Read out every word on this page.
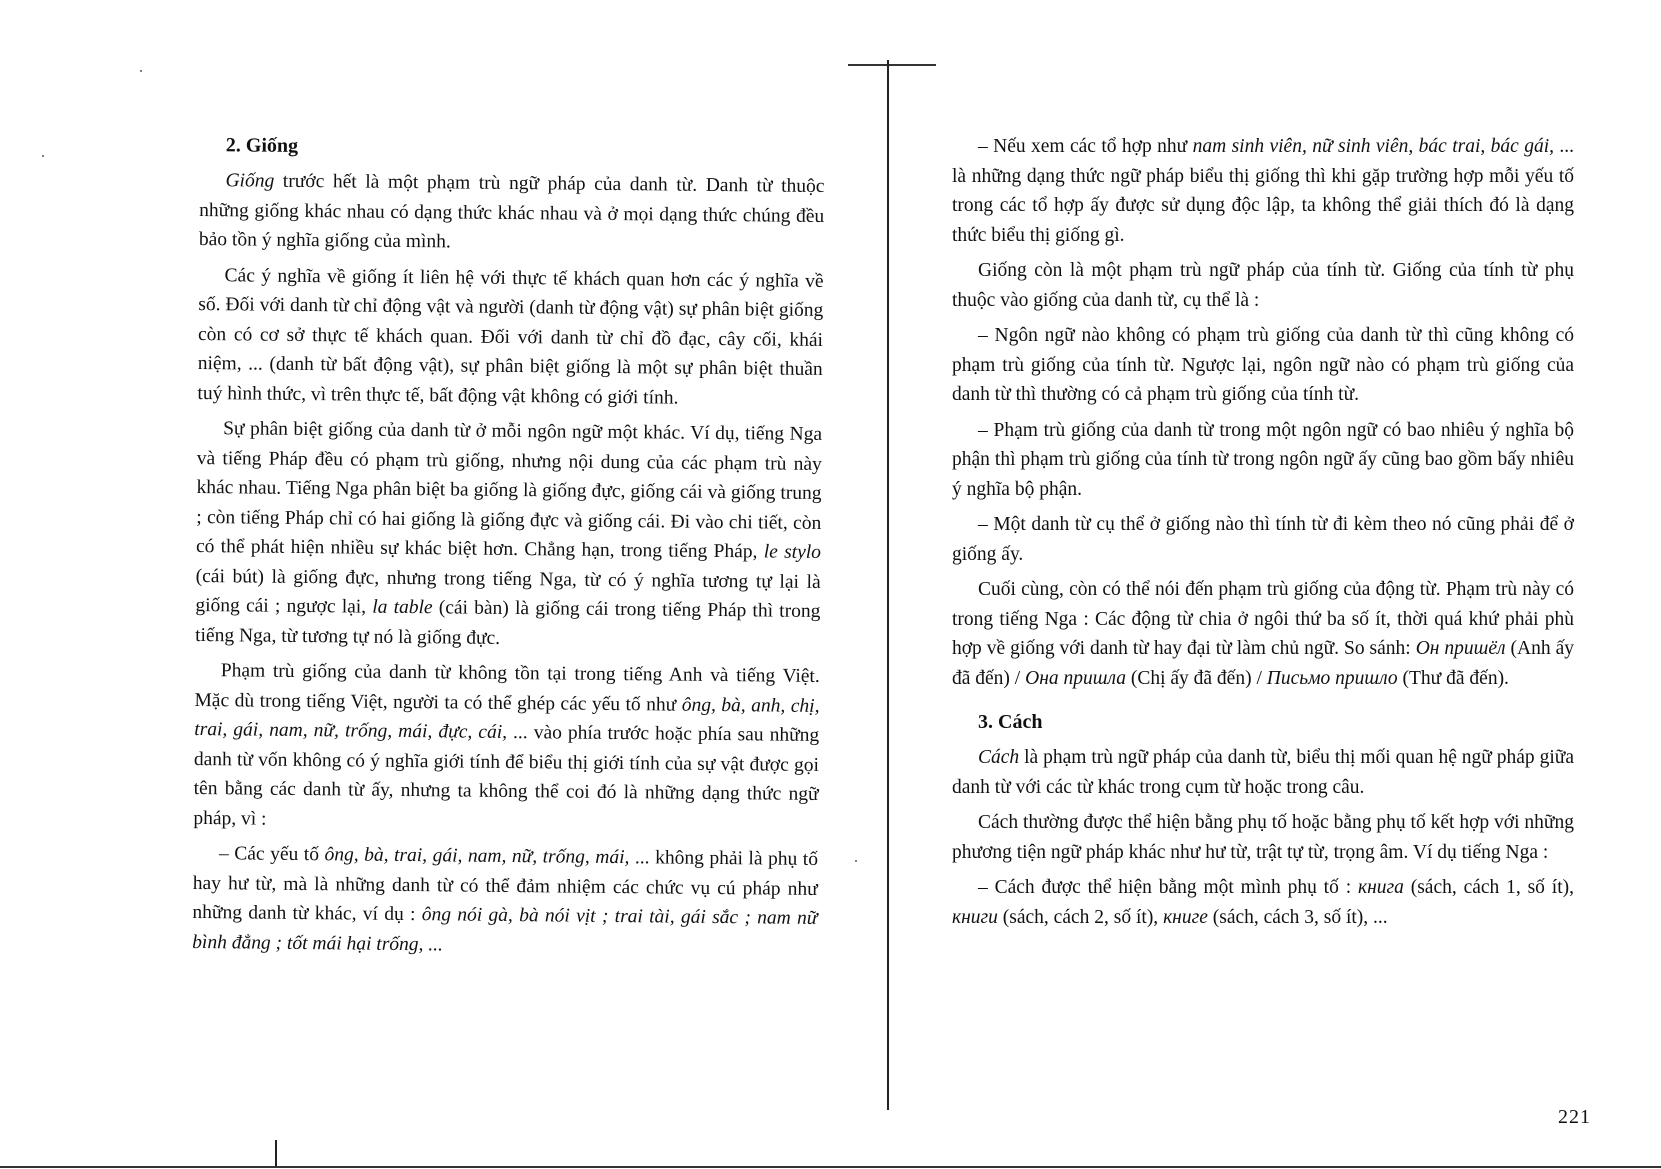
2. Giống

Giống trước hết là một phạm trù ngữ pháp của danh từ. Danh từ thuộc những giống khác nhau có dạng thức khác nhau và ở mọi dạng thức chúng đều bảo tồn ý nghĩa giống của mình.

Các ý nghĩa về giống ít liên hệ với thực tế khách quan hơn các ý nghĩa về số. Đối với danh từ chỉ động vật và người (danh từ động vật) sự phân biệt giống còn có cơ sở thực tế khách quan. Đối với danh từ chỉ đồ đạc, cây cối, khái niệm, ... (danh từ bất động vật), sự phân biệt giống là một sự phân biệt thuần tuý hình thức, vì trên thực tế, bất động vật không có giới tính.

Sự phân biệt giống của danh từ ở mỗi ngôn ngữ một khác. Ví dụ, tiếng Nga và tiếng Pháp đều có phạm trù giống, nhưng nội dung của các phạm trù này khác nhau. Tiếng Nga phân biệt ba giống là giống đực, giống cái và giống trung ; còn tiếng Pháp chỉ có hai giống là giống đực và giống cái. Đi vào chi tiết, còn có thể phát hiện nhiều sự khác biệt hơn. Chẳng hạn, trong tiếng Pháp, le stylo (cái bút) là giống đực, nhưng trong tiếng Nga, từ có ý nghĩa tương tự lại là giống cái ; ngược lại, la table (cái bàn) là giống cái trong tiếng Pháp thì trong tiếng Nga, từ tương tự nó là giống đực.

Phạm trù giống của danh từ không tồn tại trong tiếng Anh và tiếng Việt. Mặc dù trong tiếng Việt, người ta có thể ghép các yếu tố như ông, bà, anh, chị, trai, gái, nam, nữ, trống, mái, đực, cái, ... vào phía trước hoặc phía sau những danh từ vốn không có ý nghĩa giới tính để biểu thị giới tính của sự vật được gọi tên bằng các danh từ ấy, nhưng ta không thể coi đó là những dạng thức ngữ pháp, vì :

– Các yếu tố ông, bà, trai, gái, nam, nữ, trống, mái, ... không phải là phụ tố hay hư từ, mà là những danh từ có thể đảm nhiệm các chức vụ cú pháp như những danh từ khác, ví dụ : ông nói gà, bà nói vịt ; trai tài, gái sắc ; nam nữ bình đẳng ; tốt mái hại trống, ...

– Nếu xem các tổ hợp như nam sinh viên, nữ sinh viên, bác trai, bác gái, ... là những dạng thức ngữ pháp biểu thị giống thì khi gặp trường hợp mỗi yếu tố trong các tổ hợp ấy được sử dụng độc lập, ta không thể giải thích đó là dạng thức biểu thị giống gì.

Giống còn là một phạm trù ngữ pháp của tính từ. Giống của tính từ phụ thuộc vào giống của danh từ, cụ thể là :

– Ngôn ngữ nào không có phạm trù giống của danh từ thì cũng không có phạm trù giống của tính từ. Ngược lại, ngôn ngữ nào có phạm trù giống của danh từ thì thường có cả phạm trù giống của tính từ.

– Phạm trù giống của danh từ trong một ngôn ngữ có bao nhiêu ý nghĩa bộ phận thì phạm trù giống của tính từ trong ngôn ngữ ấy cũng bao gồm bấy nhiêu ý nghĩa bộ phận.

– Một danh từ cụ thể ở giống nào thì tính từ đi kèm theo nó cũng phải để ở giống ấy.

Cuối cùng, còn có thể nói đến phạm trù giống của động từ. Phạm trù này có trong tiếng Nga : Các động từ chia ở ngôi thứ ba số ít, thời quá khứ phải phù hợp về giống với danh từ hay đại từ làm chủ ngữ. So sánh: Он пришёл (Anh ấy đã đến) / Она пришла (Chị ấy đã đến) / Письмо пришло (Thư đã đến).

3. Cách

Cách là phạm trù ngữ pháp của danh từ, biểu thị mối quan hệ ngữ pháp giữa danh từ với các từ khác trong cụm từ hoặc trong câu.

Cách thường được thể hiện bằng phụ tố hoặc bằng phụ tố kết hợp với những phương tiện ngữ pháp khác như hư từ, trật tự từ, trọng âm. Ví dụ tiếng Nga :

– Cách được thể hiện bằng một mình phụ tố : книга (sách, cách 1, số ít), книги (sách, cách 2, số ít), книге (sách, cách 3, số ít), ...

221
